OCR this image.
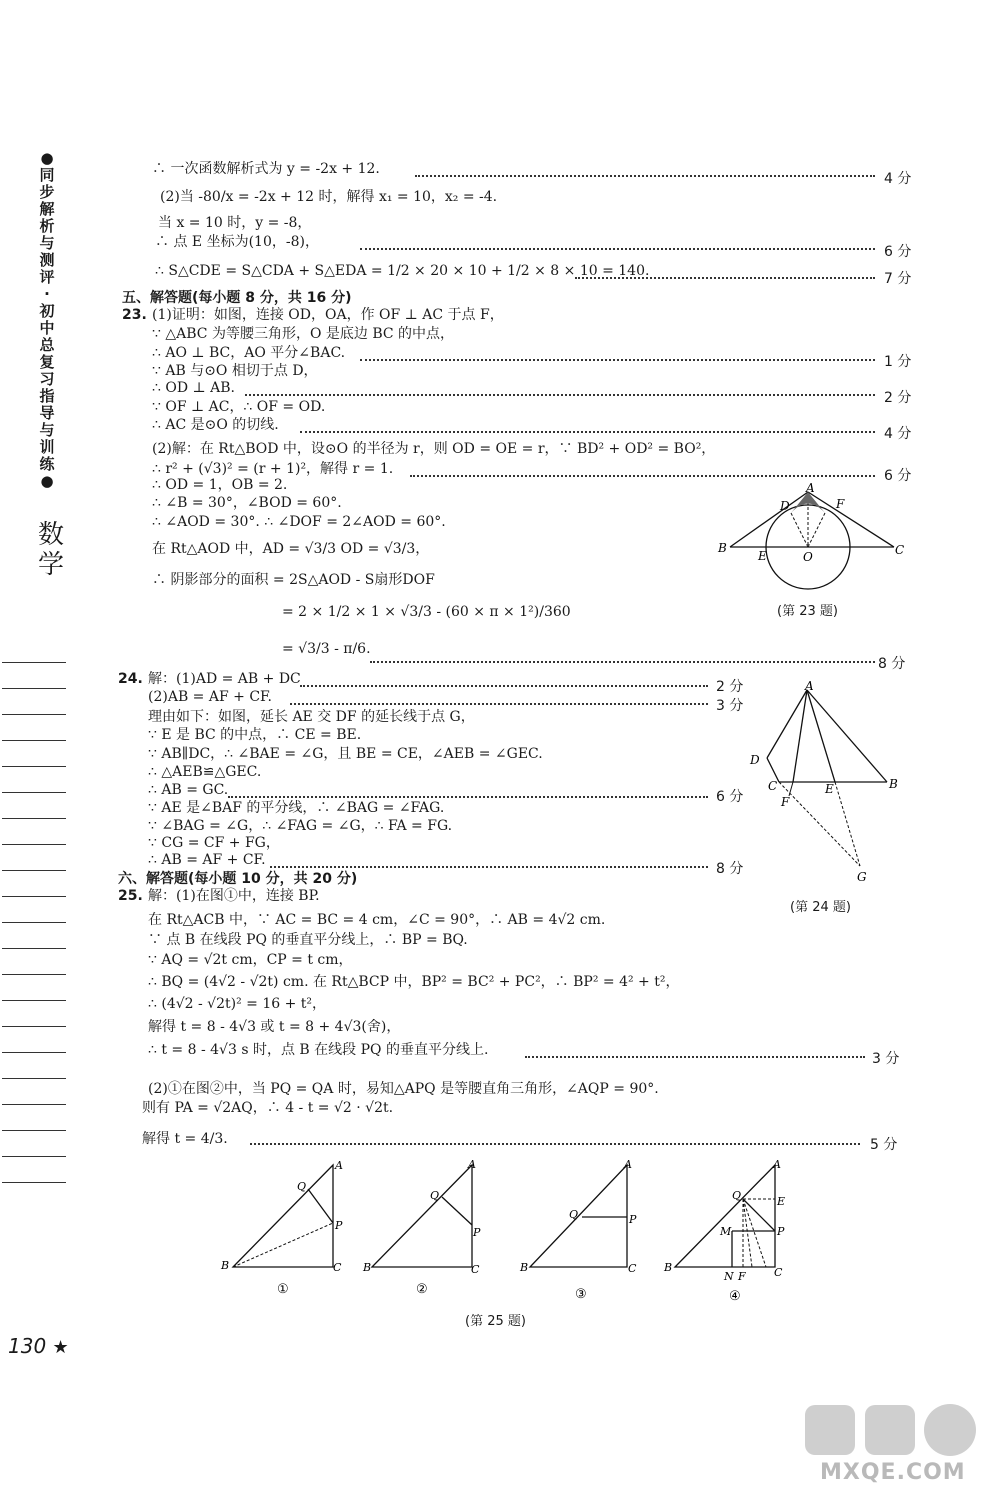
●
同
步
解
析
与
测
评
·
初
中
总
复
习
指
导
与
训
练
●
数
学
∴ 一次函数解析式为 y = -2x + 12.
4 分
(2)当 -80/x = -2x + 12 时，解得 x₁ = 10，x₂ = -4.
当 x = 10 时，y = -8，
∴ 点 E 坐标为(10，-8)，
6 分
∴ S△CDE = S△CDA + S△EDA = 1/2 × 20 × 10 + 1/2 × 8 × 10 = 140.	7 分
五、解答题(每小题 8 分，共 16 分)
23. (1)证明：如图，连接 OD，OA，作 OF ⊥ AC 于点 F，
∵ △ABC 为等腰三角形，O 是底边 BC 的中点，
∴ AO ⊥ BC，AO 平分∠BAC.
1 分
∵ AB 与⊙O 相切于点 D，
∴ OD ⊥ AB.
2 分
∵ OF ⊥ AC，∴ OF = OD.
∴ AC 是⊙O 的切线.
4 分
(2)解：在 Rt△BOD 中，设⊙O 的半径为 r，则 OD = OE = r，∵ BD² + OD² = BO²，
∴ r² + (√3)² = (r + 1)²，解得 r = 1.	6 分
∴ OD = 1，OB = 2.
∴ ∠B = 30°，∠BOD = 60°.
∴ ∠AOD = 30°. ∴ ∠DOF = 2∠AOD = 60°.
在 Rt△AOD 中，AD = √3/3 OD = √3/3，
∴ 阴影部分的面积 = 2S△AOD - S扇形DOF
= 2 × 1/2 × 1 × √3/3 - (60 × π × 1²)/360
= √3/3 - π/6.
8 分
A
D	F
B	C
E	O
(第 23 题)
24. 解：(1)AD = AB + DC	2 分
(2)AB = AF + CF.
3 分
理由如下：如图，延长 AE 交 DF 的延长线于点 G，
∵ E 是 BC 的中点，∴ CE = BE.
∵ AB∥DC，∴ ∠BAE = ∠G，且 BE = CE，∠AEB = ∠GEC.
∴ △AEB≌△GEC.
∴ AB = GC.	6 分
∵ AE 是∠BAF 的平分线，∴ ∠BAG = ∠FAG.
∵ ∠BAG = ∠G，∴ ∠FAG = ∠G，∴ FA = FG.
∵ CG = CF + FG，
∴ AB = AF + CF.
8 分
A
D
C	E	B
F
G
(第 24 题)
六、解答题(每小题 10 分，共 20 分)
25. 解：(1)在图①中，连接 BP.
在 Rt△ACB 中，∵ AC = BC = 4 cm，∠C = 90°，∴ AB = 4√2 cm.
∵ 点 B 在线段 PQ 的垂直平分线上，∴ BP = BQ.
∵ AQ = √2t cm，CP = t cm，
∴ BQ = (4√2 - √2t) cm. 在 Rt△BCP 中，BP² = BC² + PC²，∴ BP² = 4² + t²，
∴ (4√2 - √2t)² = 16 + t²，
解得 t = 8 - 4√3 或 t = 8 + 4√3(舍)，
∴ t = 8 - 4√3 s 时，点 B 在线段 PQ 的垂直平分线上.
3 分
(2)①在图②中，当 PQ = QA 时，易知△APQ 是等腰直角三角形，∠AQP = 90°.
则有 PA = √2AQ，∴ 4 - t = √2 · √2t.
解得 t = 4/3.	5 分
A
Q
P
B	C
①
A
Q
P
B	C
②
A
Q	P
B	C
③
A
Q	E
M	P
B	C
N F
④
(第 25 题)
130 ★
MXQE.COM
